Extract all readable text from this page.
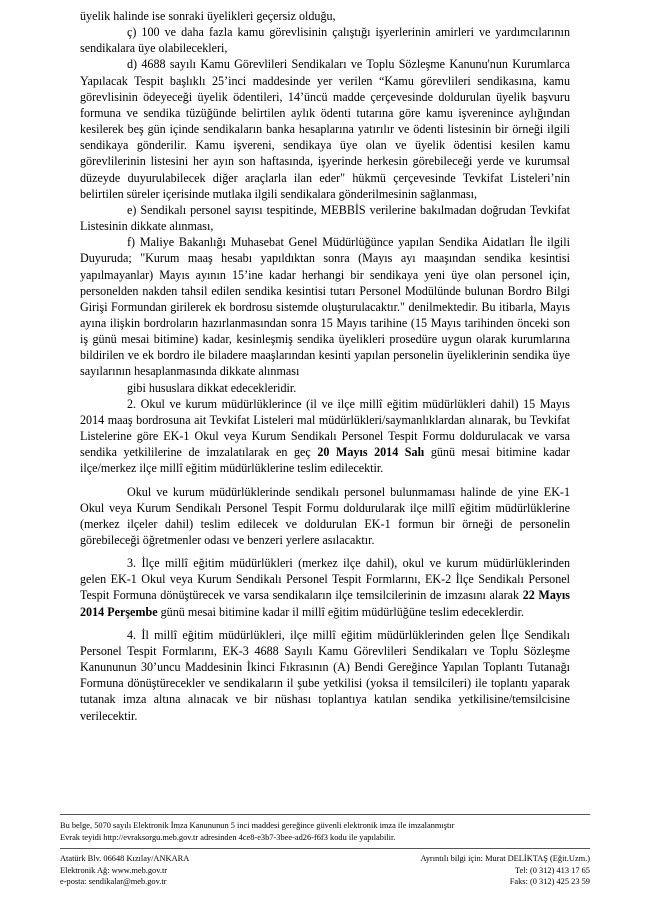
üyelik halinde ise sonraki üyelikleri geçersiz olduğu,

ç) 100 ve daha fazla kamu görevlisinin çalıştığı işyerlerinin amirleri ve yardımcılarının sendikalara üye olabilecekleri,

d) 4688 sayılı Kamu Görevlileri Sendikaları ve Toplu Sözleşme Kanunu'nun Kurumlarca Yapılacak Tespit başlıklı 25’inci maddesinde yer verilen “Kamu görevlileri sendikasına, kamu görevlisinin ödeyeceği üyelik ödentileri, 14’üncü madde çerçevesinde doldurulan üyelik başvuru formuna ve sendika tüzüğünde belirtilen aylık ödenti tutarına göre kamu işverenince aylığından kesilerek beş gün içinde sendikaların banka hesaplarına yatırılır ve ödenti listesinin bir örneği ilgili sendikaya gönderilir. Kamu işvereni, sendikaya üye olan ve üyelik ödentisi kesilen kamu görevlilerinin listesini her ayın son haftasında, işyerinde herkesin görebileceği yerde ve kurumsal düzeyde duyurulabilecek diğer araçlarla ilan eder" hükmü çerçevesinde Tevkifat Listeleri’nin belirtilen süreler içerisinde mutlaka ilgili sendikalara gönderilmesinin sağlanması,

e) Sendikalı personel sayısı tespitinde, MEBBİS verilerine bakılmadan doğrudan Tevkifat Listesinin dikkate alınması,

f) Maliye Bakanlığı Muhasebat Genel Müdürlüğünce yapılan Sendika Aidatları İle ilgili Duyuruda; "Kurum maaş hesabı yapıldıktan sonra (Mayıs ayı maaşından sendika kesintisi yapılmayanlar) Mayıs ayının 15’ine kadar herhangi bir sendikaya yeni üye olan personel için, personelden nakden tahsil edilen sendika kesintisi tutarı Personel Modülünde bulunan Bordro Bilgi Girişi Formundan girilerek ek bordrosu sistemde oluşturulacaktır." denilmektedir. Bu itibarla, Mayıs ayına ilişkin bordroların hazırlanmasından sonra 15 Mayıs tarihine (15 Mayıs tarihinden önceki son iş günü mesai bitimine) kadar, kesinleşmiş sendika üyelikleri prosedüre uygun olarak kurumlarına bildirilen ve ek bordro ile biladere maaşlarından kesinti yapılan personelin üyeliklerinin sendika üye sayılarının hesaplanmasında dikkate alınması

gibi hususlara dikkat edecekleridir.

2. Okul ve kurum müdürlüklerince (il ve ilçe millî eğitim müdürlükleri dahil) 15 Mayıs 2014 maaş bordrosuna ait Tevkifat Listeleri mal müdürlükleri/saymanlıklardan alınarak, bu Tevkifat Listelerine göre EK-1 Okul veya Kurum Sendikalı Personel Tespit Formu doldurulacak ve varsa sendika yetkililerine de imzalatılarak en geç 20 Mayıs 2014 Salı günü mesai bitimine kadar ilçe/merkez ilçe millî eğitim müdürlüklerine teslim edilecektir.

Okul ve kurum müdürlüklerinde sendikalı personel bulunmaması halinde de yine EK-1 Okul veya Kurum Sendikalı Personel Tespit Formu doldurularak ilçe millî eğitim müdürlüklerine (merkez ilçeler dahil) teslim edilecek ve doldurulan EK-1 formun bir örneği de personelin görebileceği öğretmenler odası ve benzeri yerlere asılacaktır.

3. İlçe millî eğitim müdürlükleri (merkez ilçe dahil), okul ve kurum müdürlüklerinden gelen EK-1 Okul veya Kurum Sendikalı Personel Tespit Formlarını, EK-2 İlçe Sendikalı Personel Tespit Formuna dönüştürecek ve varsa sendikaların ilçe temsilcilerinin de imzasını alarak 22 Mayıs 2014 Perşembe günü mesai bitimine kadar il millî eğitim müdürlüğüne teslim edeceklerdir.

4. İl millî eğitim müdürlükleri, ilçe millî eğitim müdürlüklerinden gelen İlçe Sendikalı Personel Tespit Formlarını, EK-3 4688 Sayılı Kamu Görevlileri Sendikaları ve Toplu Sözleşme Kanununun 30’uncu Maddesinin İkinci Fıkrasının (A) Bendi Gereğince Yapılan Toplantı Tutanağı Formuna dönüştürecekler ve sendikaların il şube yetkilisi (yoksa il temsilcileri) ile toplantı yaparak tutanak imza altına alınacak ve bir nüshası toplantıya katılan sendika yetkilisine/temsilcisine verilecektir.

Bu belge, 5070 sayılı Elektronik İmza Kanununun 5 inci maddesi gereğince güvenli elektronik imza ile imzalanmıştır
Evrak teyidi http://evraksorgu.meb.gov.tr adresinden 4ce8-e3b7-3bee-ad26-f6f3 kodu ile yapılabilir.
Atatürk Blv. 06648 Kızılay/ANKARA	Ayrıntılı bilgi için: Murat DELİKTAŞ (Eğit.Uzm.)
Elektronik Ağ: www.meb.gov.tr	Tel: (0 312) 413 17 65
e-posta: sendikalar@meb.gov.tr	Faks: (0 312) 425 23 59
